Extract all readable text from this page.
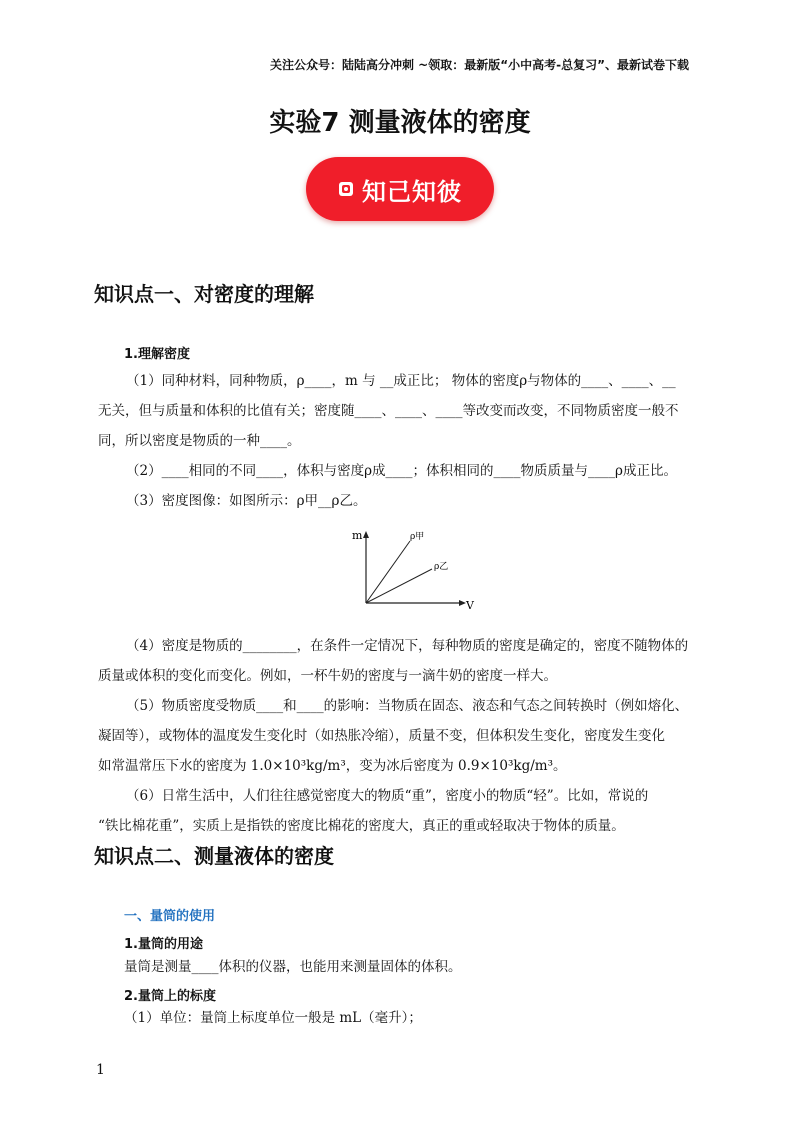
关注公众号：陆陆高分冲刺 ~领取：最新版“小中高考-总复习”、最新试卷下载
实验7 测量液体的密度
知己知彼
知识点一、对密度的理解
1.理解密度

（1）同种材料，同种物质，ρ____，m 与 __成正比； 物体的密度ρ与物体的____、____、__

无关，但与质量和体积的比值有关；密度随____、____、____等改变而改变，不同物质密度一般不

同，所以密度是物质的一种____。

（2）____相同的不同____，体积与密度ρ成____；体积相同的____物质质量与____ρ成正比。

（3）密度图像：如图所示：ρ甲__ρ乙。

m
V
ρ甲
ρ乙

（4）密度是物质的________，在条件一定情况下，每种物质的密度是确定的，密度不随物体的

质量或体积的变化而变化。例如，一杯牛奶的密度与一滴牛奶的密度一样大。

（5）物质密度受物质____和____的影响：当物质在固态、液态和气态之间转换时（例如熔化、

凝固等），或物体的温度发生变化时（如热胀冷缩），质量不变，但体积发生变化，密度发生变化

如常温常压下水的密度为 1.0×10³kg/m³，变为冰后密度为 0.9×10³kg/m³。

（6）日常生活中，人们往往感觉密度大的物质“重”，密度小的物质“轻”。比如，常说的

“铁比棉花重”，实质上是指铁的密度比棉花的密度大，真正的重或轻取决于物体的质量。

知识点二、测量液体的密度
一、量筒的使用
1.量筒的用途
量筒是测量____体积的仪器，也能用来测量固体的体积。
2.量筒上的标度
（1）单位：量筒上标度单位一般是 mL（毫升）；
1
